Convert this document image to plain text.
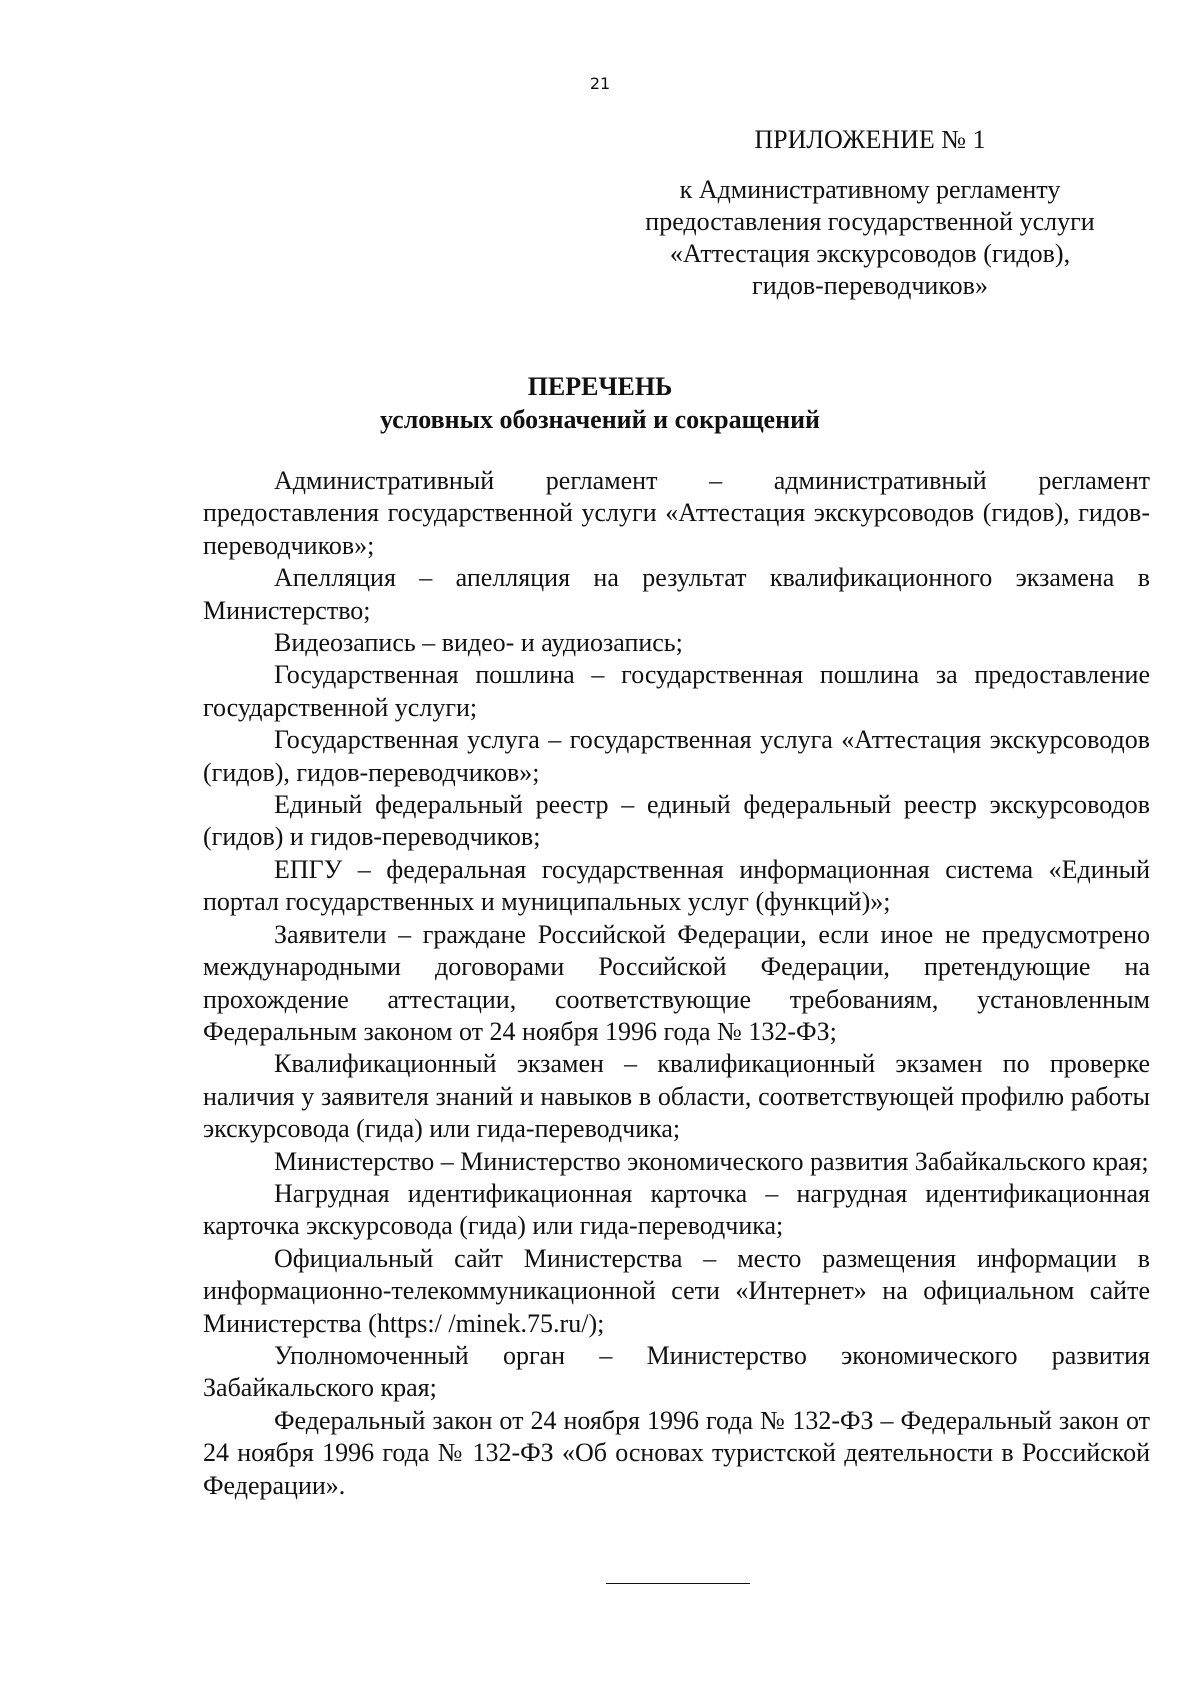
21
ПРИЛОЖЕНИЕ № 1
к Административному регламенту
предоставления государственной услуги
«Аттестация экскурсоводов (гидов),
гидов-переводчиков»
ПЕРЕЧЕНЬ
условных обозначений и сокращений

Административный регламент – административный регламент предоставления государственной услуги «Аттестация экскурсоводов (гидов), гидов-переводчиков»;

Апелляция – апелляция на результат квалификационного экзамена в Министерство;

Видеозапись – видео- и аудиозапись;

Государственная пошлина – государственная пошлина за предоставление государственной услуги;

Государственная услуга – государственная услуга «Аттестация экскурсоводов (гидов), гидов-переводчиков»;

Единый федеральный реестр – единый федеральный реестр экскурсоводов (гидов) и гидов-переводчиков;

ЕПГУ – федеральная государственная информационная система «Единый портал государственных и муниципальных услуг (функций)»;

Заявители – граждане Российской Федерации, если иное не предусмотрено международными договорами Российской Федерации, претендующие на прохождение аттестации, соответствующие требованиям, установленным Федеральным законом от 24 ноября 1996 года № 132-ФЗ;

Квалификационный экзамен – квалификационный экзамен по проверке наличия у заявителя знаний и навыков в области, соответствующей профилю работы экскурсовода (гида) или гида-переводчика;

Министерство – Министерство экономического развития Забайкальского края;

Нагрудная идентификационная карточка – нагрудная идентификационная карточка экскурсовода (гида) или гида-переводчика;

Официальный сайт Министерства – место размещения информации в информационно-телекоммуникационной сети «Интернет» на официальном сайте Министерства (https:/ /minek.75.ru/);

Уполномоченный орган – Министерство экономического развития Забайкальского края;

Федеральный закон от 24 ноября 1996 года № 132-ФЗ – Федеральный закон от 24 ноября 1996 года № 132-ФЗ «Об основах туристской деятельности в Российской Федерации».
